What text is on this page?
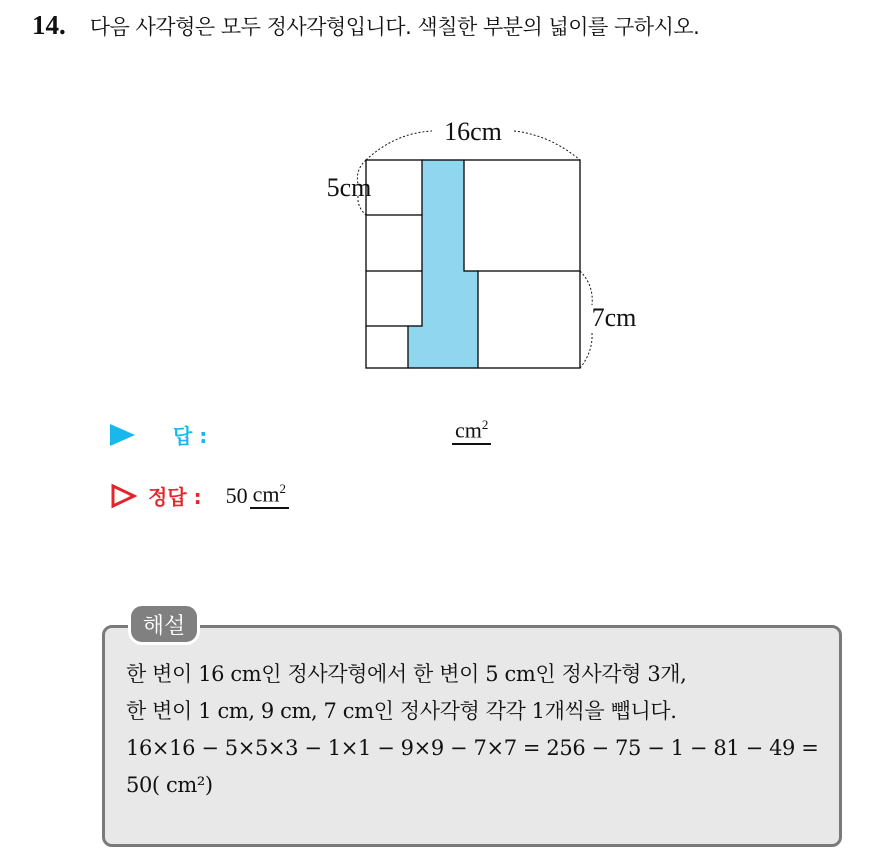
14. 다음 사각형은 모두 정사각형입니다. 색칠한 부분의 넓이를 구하시오.
16cm
5cm
7cm
답 :	$cm^2$
정답 : 50 $cm^2$
해설
한 변이 16 cm인 정사각형에서 한 변이 5 cm인 정사각형 3개,
한 변이 1 cm, 9 cm, 7 cm인 정사각형 각각 1개씩을 뺍니다.
16×16 − 5×5×3 − 1×1 − 9×9 − 7×7 = 256 − 75 − 1 − 81 − 49 =
50( cm²)
